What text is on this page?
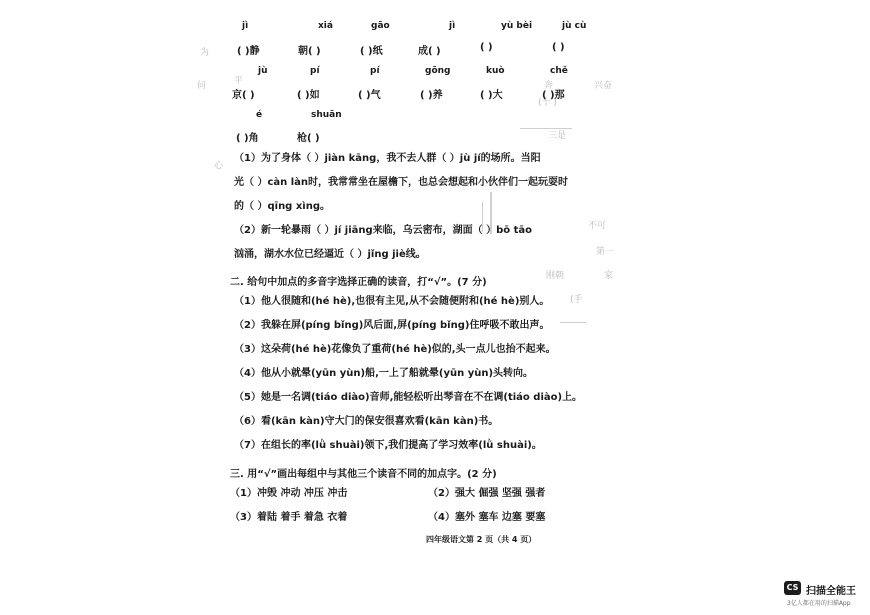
(十 )
奔	兴奋
平
问
三是
不可
第一
家
刚朝
心
(手
为
jì	xiá	gāo	jì	yù bèi	jù cù
( )静	朝( )	( )纸	成( )	( )	( )
jù	pí	pí	gōng	kuò	chě
京( )	( )如	( )气	( )养	( )大	( )那
é	shuān
( )角	枪( )
（1）为了身体（ ）jiàn kāng，我不去人群（ ）jù jí的场所。当阳
光（ ）càn làn时，我常常坐在屋檐下，也总会想起和小伙伴们一起玩耍时
的（ ）qīng xìng。
（2）新一轮暴雨（ ）jí jiāng来临，乌云密布，湖面（ ）bō tāo
汹涌，湖水水位已经逼近（ ）jǐng jiè线。
二. 给句中加点的多音字选择正确的读音，打“√”。(7 分)
（1）他人很随和(hé hè),也很有主见,从不会随便附和(hé hè)别人。
（2）我躲在屏(píng bǐng)风后面,屏(píng bǐng)住呼吸不敢出声。
（3）这朵荷(hé hè)花像负了重荷(hé hè)似的,头一点儿也抬不起来。
（4）他从小就晕(yūn yùn)船,一上了船就晕(yūn yùn)头转向。
（5）她是一名调(tiáo diào)音师,能轻松听出琴音在不在调(tiáo diào)上。
（6）看(kān kàn)守大门的保安很喜欢看(kān kàn)书。
（7）在组长的率(lǜ shuài)领下,我们提高了学习效率(lǜ shuài)。
三. 用“√”画出每组中与其他三个读音不同的加点字。(2 分)
（1）冲毁 冲动 冲压 冲击	（2）强大 倔强 坚强 强者
（3）着陆 着手 着急 衣着	（4）塞外 塞车 边塞 要塞
四年级语文第 2 页（共 4 页）
CS 扫描全能王
3亿人都在用的扫描App
